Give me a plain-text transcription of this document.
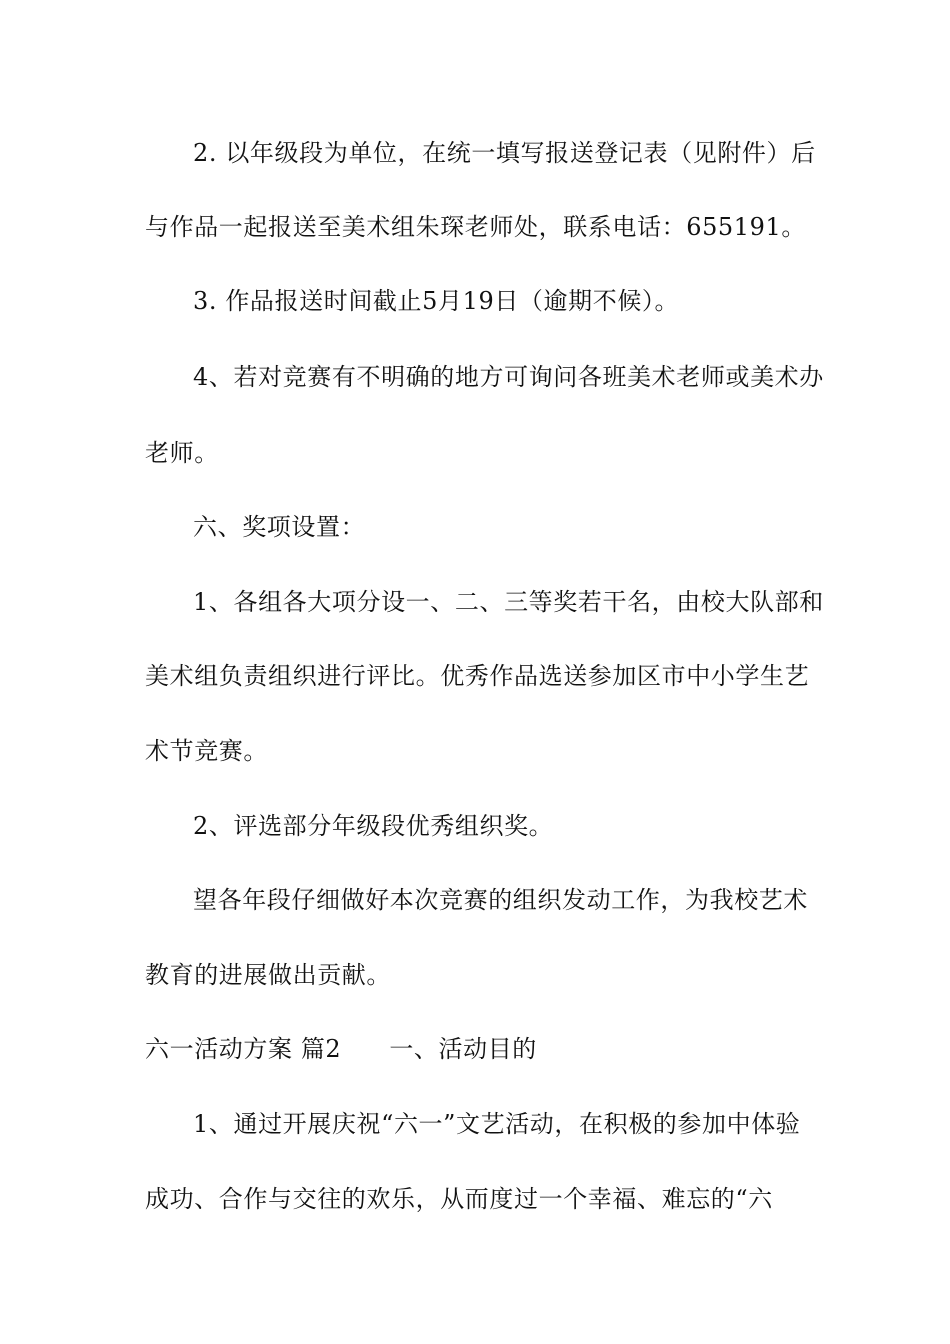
2. 以年级段为单位，在统一填写报送登记表（见附件）后
与作品一起报送至美术组朱琛老师处，联系电话：655191。
3. 作品报送时间截止5月19日（逾期不候）。
4、若对竞赛有不明确的地方可询问各班美术老师或美术办
老师。
六、奖项设置：
1、各组各大项分设一、二、三等奖若干名，由校大队部和
美术组负责组织进行评比。优秀作品选送参加区市中小学生艺
术节竞赛。
2、评选部分年级段优秀组织奖。
望各年段仔细做好本次竞赛的组织发动工作，为我校艺术
教育的进展做出贡献。
六一活动方案 篇2 一、活动目的
1、通过开展庆祝“六一”文艺活动，在积极的参加中体验
成功、合作与交往的欢乐，从而度过一个幸福、难忘的“六
